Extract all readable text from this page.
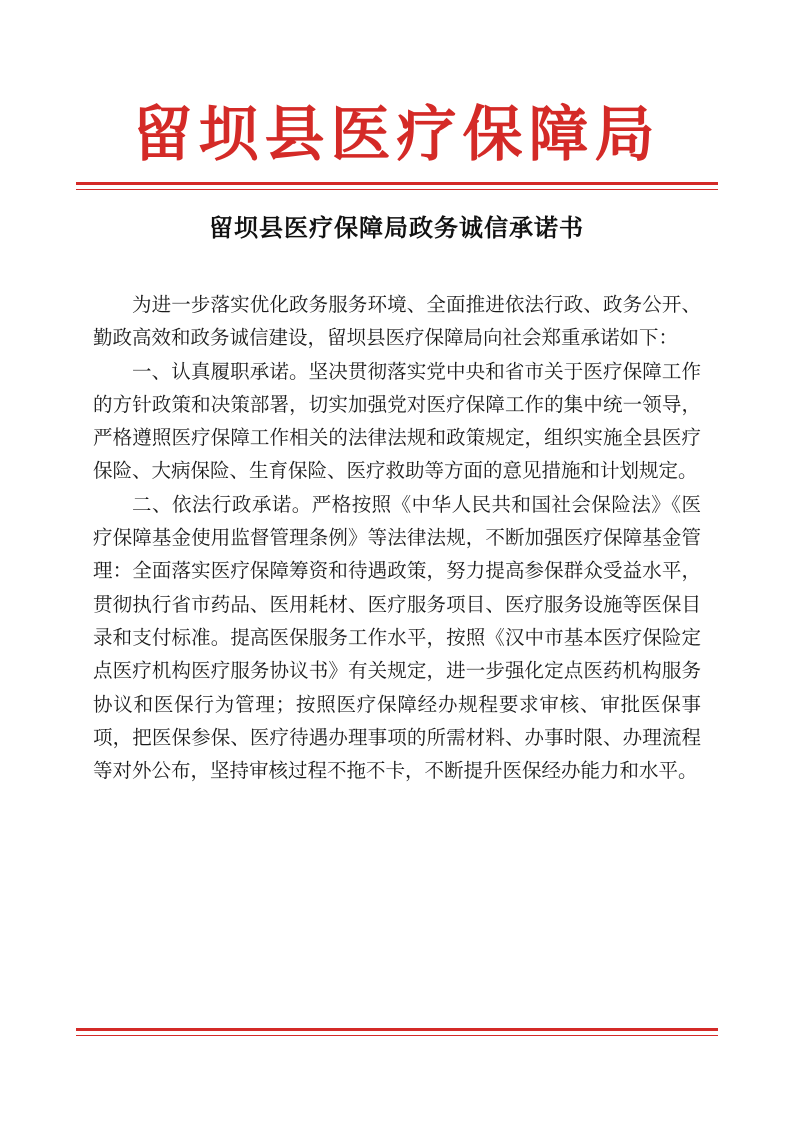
留坝县医疗保障局
留坝县医疗保障局政务诚信承诺书

为进一步落实优化政务服务环境、全面推进依法行政、政务公开、勤政高效和政务诚信建设，留坝县医疗保障局向社会郑重承诺如下：

一、认真履职承诺。坚决贯彻落实党中央和省市关于医疗保障工作的方针政策和决策部署，切实加强党对医疗保障工作的集中统一领导，严格遵照医疗保障工作相关的法律法规和政策规定，组织实施全县医疗保险、大病保险、生育保险、医疗救助等方面的意见措施和计划规定。

二、依法行政承诺。严格按照《中华人民共和国社会保险法》《医疗保障基金使用监督管理条例》等法律法规，不断加强医疗保障基金管理：全面落实医疗保障筹资和待遇政策，努力提高参保群众受益水平，贯彻执行省市药品、医用耗材、医疗服务项目、医疗服务设施等医保目录和支付标准。提高医保服务工作水平，按照《汉中市基本医疗保险定点医疗机构医疗服务协议书》有关规定，进一步强化定点医药机构服务协议和医保行为管理；按照医疗保障经办规程要求审核、审批医保事项，把医保参保、医疗待遇办理事项的所需材料、办事时限、办理流程等对外公布，坚持审核过程不拖不卡，不断提升医保经办能力和水平。
